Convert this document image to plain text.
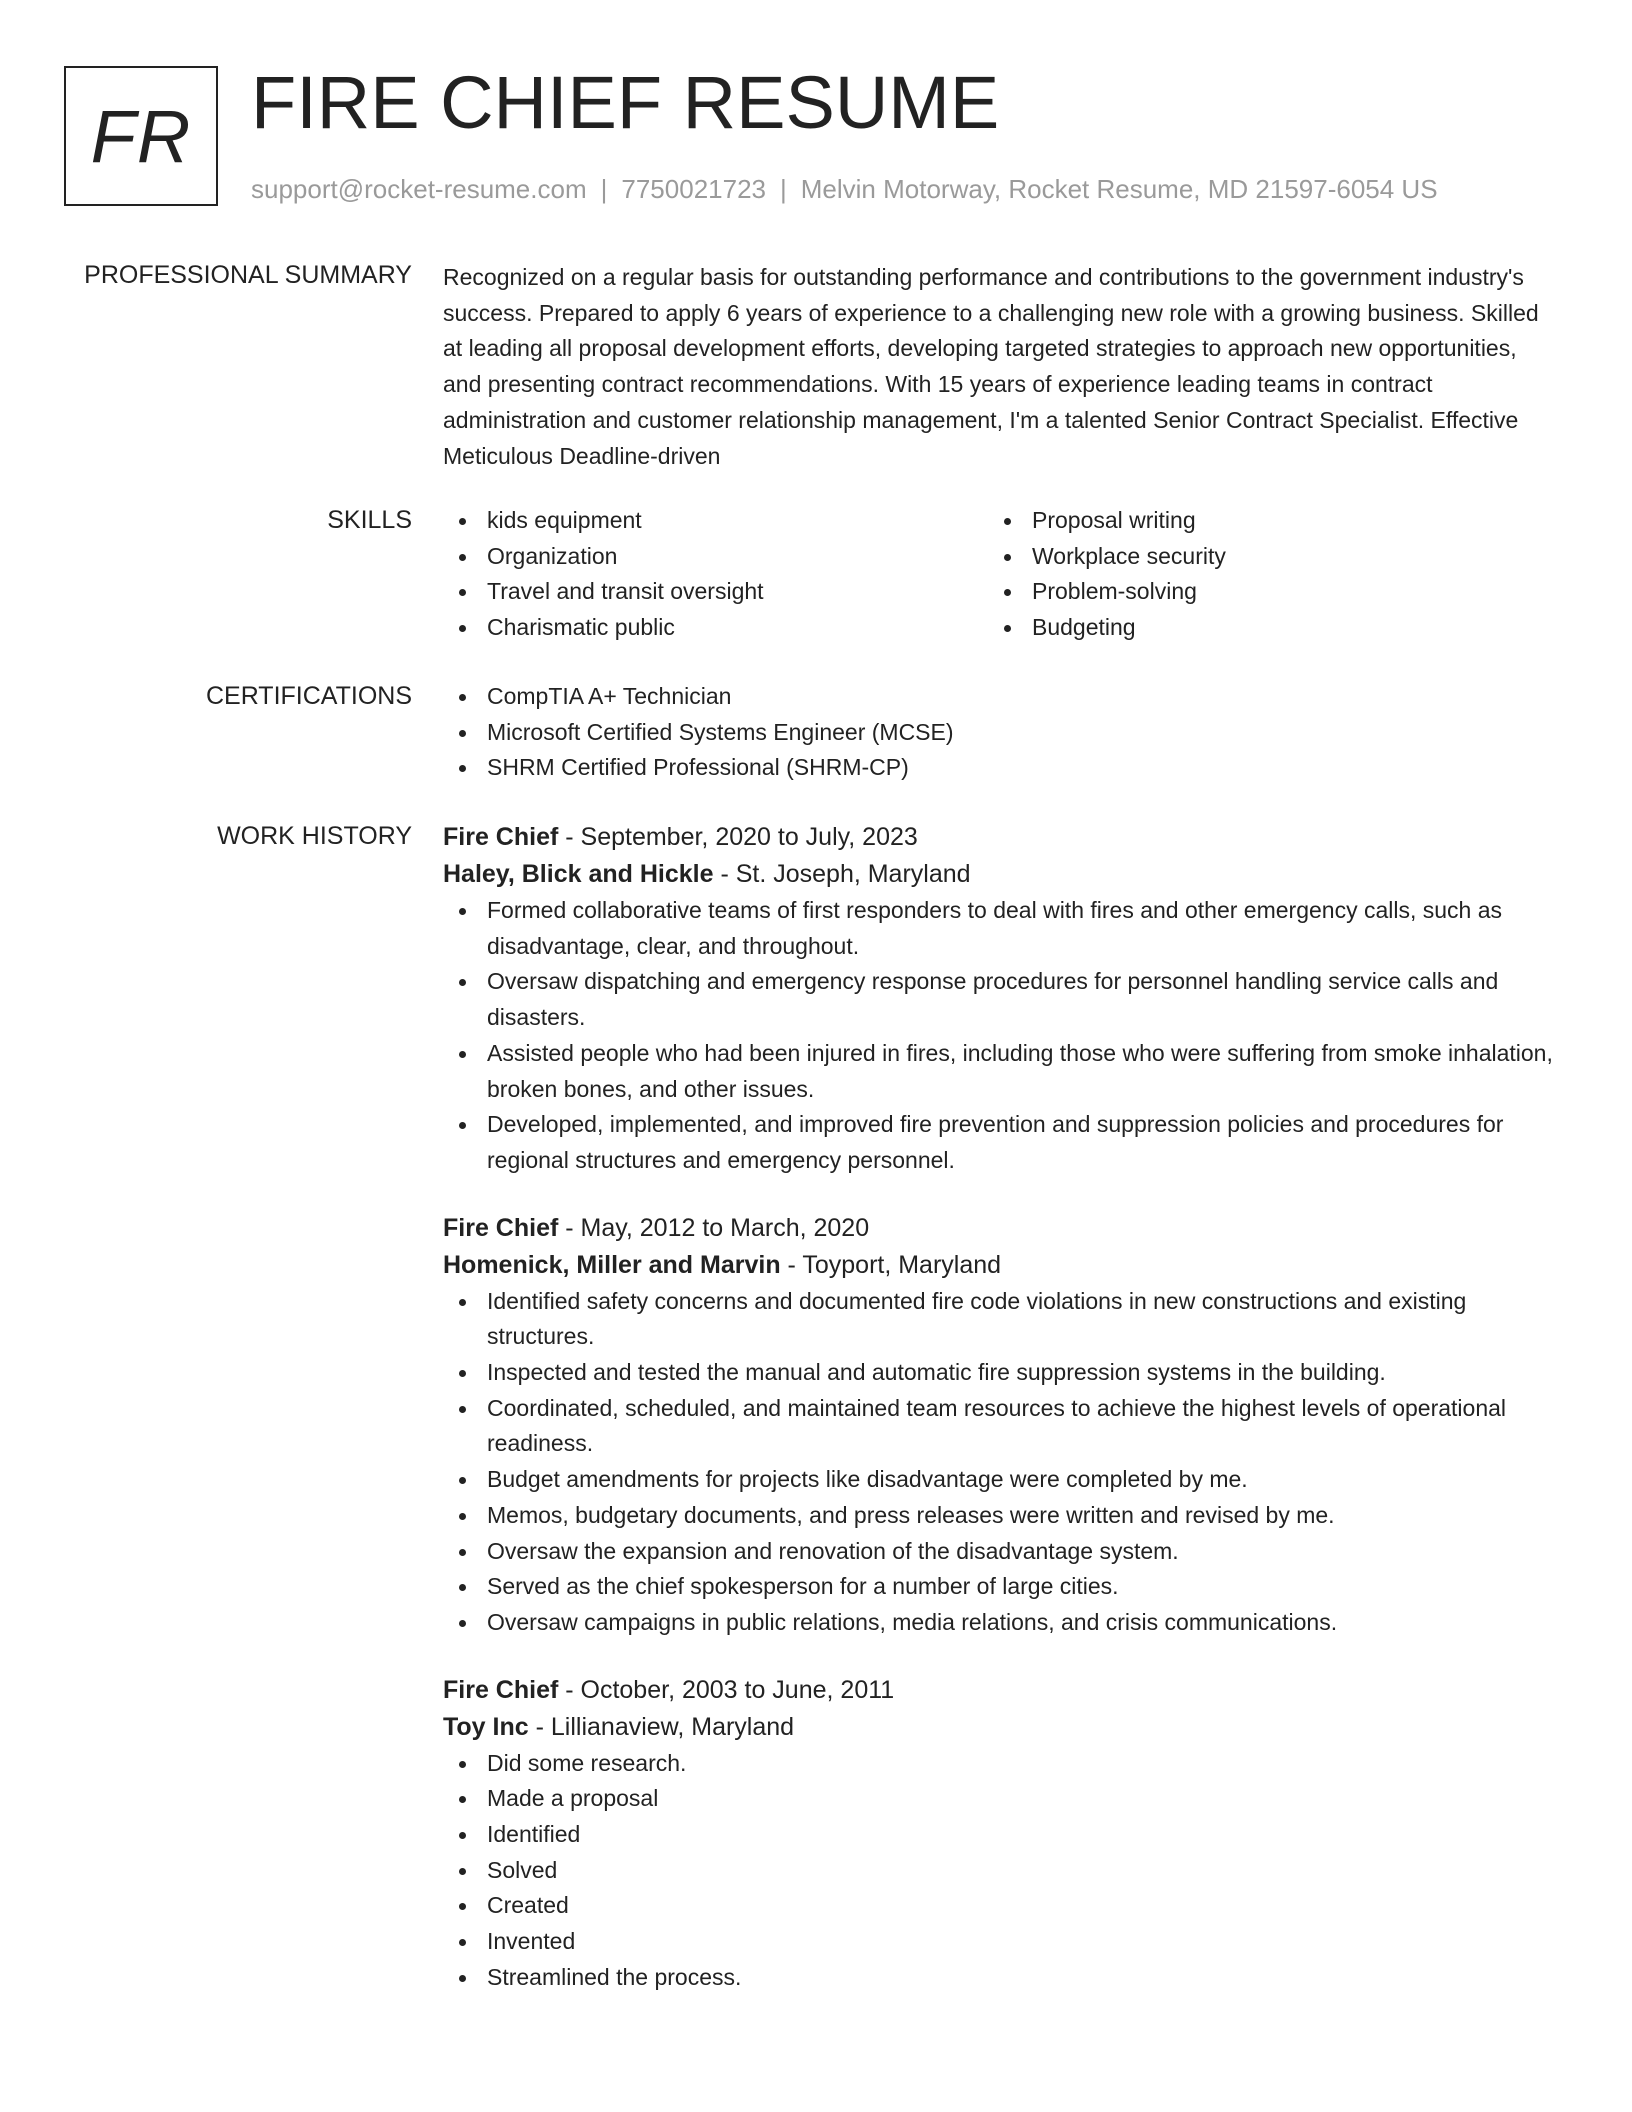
FR FIRE CHIEF RESUME
support@rocket-resume.com | 7750021723 | Melvin Motorway, Rocket Resume, MD 21597-6054 US
PROFESSIONAL SUMMARY Recognized on a regular basis for outstanding performance and contributions to the government industry's success. Prepared to apply 6 years of experience to a challenging new role with a growing business. Skilled at leading all proposal development efforts, developing targeted strategies to approach new opportunities, and presenting contract recommendations. With 15 years of experience leading teams in contract administration and customer relationship management, I'm a talented Senior Contract Specialist. Effective Meticulous Deadline-driven

SKILLS	kids equipment
Organization
Travel and transit oversight
Charismatic public
Proposal writing
Workplace security
Problem-solving
Budgeting
CERTIFICATIONS	CompTIA A+ Technician
Microsoft Certified Systems Engineer (MCSE)
SHRM Certified Professional (SHRM-CP)
WORK HISTORY Fire Chief - September, 2020 to July, 2023

Haley, Blick and Hickle - St. Joseph, Maryland

Formed collaborative teams of first responders to deal with fires and other emergency calls, such as disadvantage, clear, and throughout.
Oversaw dispatching and emergency response procedures for personnel handling service calls and disasters.
Assisted people who had been injured in fires, including those who were suffering from smoke inhalation, broken bones, and other issues.
Developed, implemented, and improved fire prevention and suppression policies and procedures for regional structures and emergency personnel.

Fire Chief - May, 2012 to March, 2020

Homenick, Miller and Marvin - Toyport, Maryland

Identified safety concerns and documented fire code violations in new constructions and existing structures.
Inspected and tested the manual and automatic fire suppression systems in the building.
Coordinated, scheduled, and maintained team resources to achieve the highest levels of operational readiness.
Budget amendments for projects like disadvantage were completed by me.
Memos, budgetary documents, and press releases were written and revised by me.
Oversaw the expansion and renovation of the disadvantage system.
Served as the chief spokesperson for a number of large cities.
Oversaw campaigns in public relations, media relations, and crisis communications.

Fire Chief - October, 2003 to June, 2011

Toy Inc - Lillianaview, Maryland

Did some research.
Made a proposal
Identified
Solved
Created
Invented
Streamlined the process.
